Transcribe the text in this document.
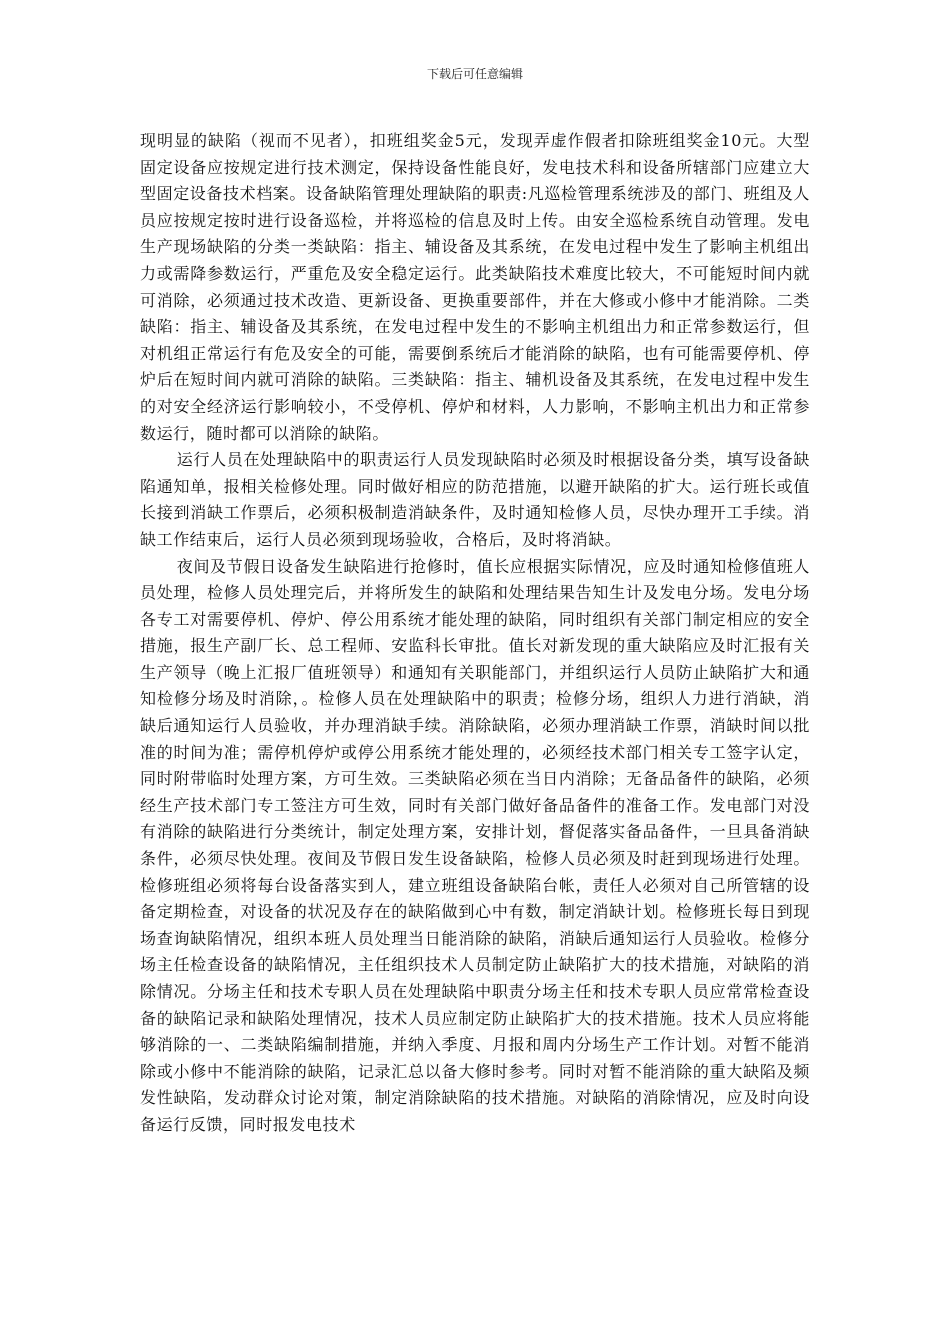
下载后可任意编辑

现明显的缺陷（视而不见者），扣班组奖金5元，发现弄虚作假者扣除班组奖金10元。大型固定设备应按规定进行技术测定，保持设备性能良好，发电技术科和设备所辖部门应建立大型固定设备技术档案。设备缺陷管理处理缺陷的职责:凡巡检管理系统涉及的部门、班组及人员应按规定按时进行设备巡检，并将巡检的信息及时上传。由安全巡检系统自动管理。发电生产现场缺陷的分类一类缺陷：指主、辅设备及其系统，在发电过程中发生了影响主机组出力或需降参数运行，严重危及安全稳定运行。此类缺陷技术难度比较大，不可能短时间内就可消除，必须通过技术改造、更新设备、更换重要部件，并在大修或小修中才能消除。二类缺陷：指主、辅设备及其系统，在发电过程中发生的不影响主机组出力和正常参数运行，但对机组正常运行有危及安全的可能，需要倒系统后才能消除的缺陷，也有可能需要停机、停炉后在短时间内就可消除的缺陷。三类缺陷：指主、辅机设备及其系统，在发电过程中发生的对安全经济运行影响较小，不受停机、停炉和材料，人力影响，不影响主机出力和正常参数运行，随时都可以消除的缺陷。

运行人员在处理缺陷中的职责运行人员发现缺陷时必须及时根据设备分类，填写设备缺陷通知单，报相关检修处理。同时做好相应的防范措施，以避开缺陷的扩大。运行班长或值长接到消缺工作票后，必须积极制造消缺条件，及时通知检修人员，尽快办理开工手续。消缺工作结束后，运行人员必须到现场验收，合格后，及时将消缺。

夜间及节假日设备发生缺陷进行抢修时，值长应根据实际情况，应及时通知检修值班人员处理，检修人员处理完后，并将所发生的缺陷和处理结果告知生计及发电分场。发电分场各专工对需要停机、停炉、停公用系统才能处理的缺陷，同时组织有关部门制定相应的安全措施，报生产副厂长、总工程师、安监科长审批。值长对新发现的重大缺陷应及时汇报有关生产领导（晚上汇报厂值班领导）和通知有关职能部门，并组织运行人员防止缺陷扩大和通知检修分场及时消除，。检修人员在处理缺陷中的职责；检修分场，组织人力进行消缺，消缺后通知运行人员验收，并办理消缺手续。消除缺陷，必须办理消缺工作票，消缺时间以批准的时间为准；需停机停炉或停公用系统才能处理的，必须经技术部门相关专工签字认定，同时附带临时处理方案，方可生效。三类缺陷必须在当日内消除；无备品备件的缺陷，必须经生产技术部门专工签注方可生效，同时有关部门做好备品备件的准备工作。发电部门对没有消除的缺陷进行分类统计，制定处理方案，安排计划，督促落实备品备件，一旦具备消缺条件，必须尽快处理。夜间及节假日发生设备缺陷，检修人员必须及时赶到现场进行处理。检修班组必须将每台设备落实到人，建立班组设备缺陷台帐，责任人必须对自己所管辖的设备定期检查，对设备的状况及存在的缺陷做到心中有数，制定消缺计划。检修班长每日到现场查询缺陷情况，组织本班人员处理当日能消除的缺陷，消缺后通知运行人员验收。检修分场主任检查设备的缺陷情况，主任组织技术人员制定防止缺陷扩大的技术措施，对缺陷的消除情况。分场主任和技术专职人员在处理缺陷中职责分场主任和技术专职人员应常常检查设备的缺陷记录和缺陷处理情况，技术人员应制定防止缺陷扩大的技术措施。技术人员应将能够消除的一、二类缺陷编制措施，并纳入季度、月报和周内分场生产工作计划。对暂不能消除或小修中不能消除的缺陷，记录汇总以备大修时参考。同时对暂不能消除的重大缺陷及频发性缺陷，发动群众讨论对策，制定消除缺陷的技术措施。对缺陷的消除情况，应及时向设备运行反馈，同时报发电技术
